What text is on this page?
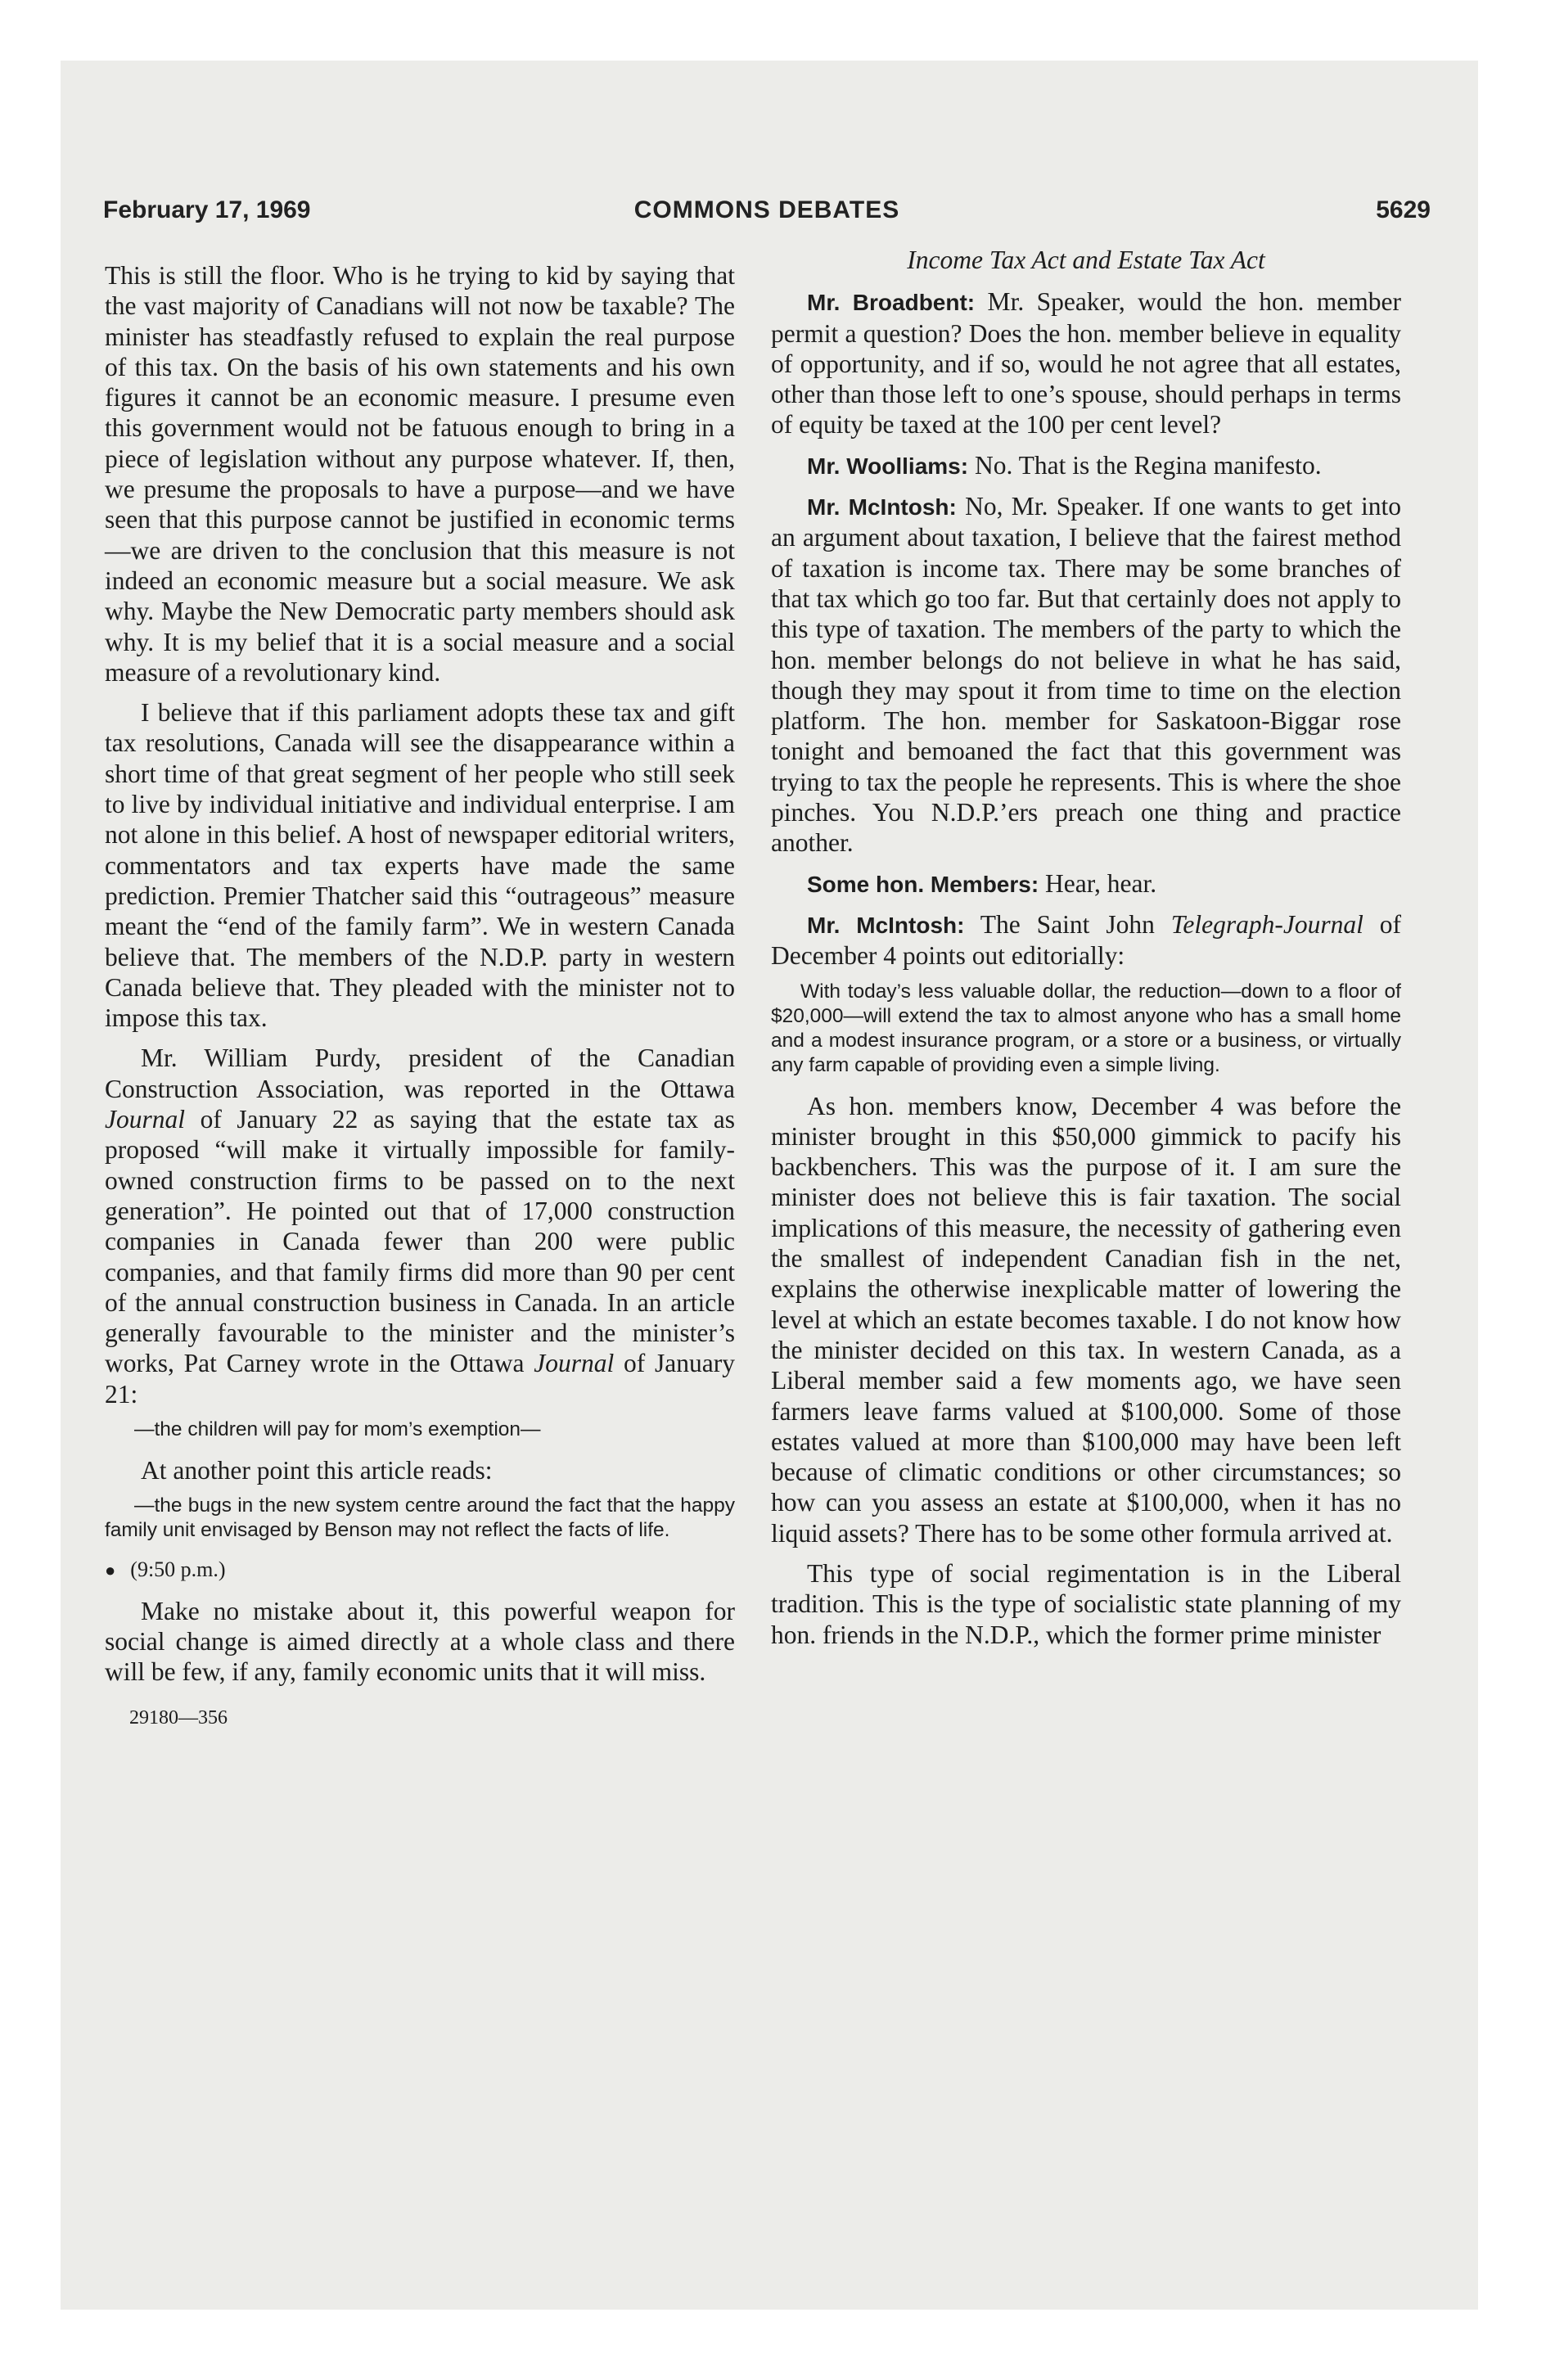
February 17, 1969	COMMONS DEBATES	5629

This is still the floor. Who is he trying to kid by saying that the vast majority of Canadians will not now be taxable? The minister has steadfastly refused to explain the real purpose of this tax. On the basis of his own statements and his own figures it cannot be an economic measure. I presume even this government would not be fatuous enough to bring in a piece of legislation without any purpose whatever. If, then, we presume the proposals to have a purpose—and we have seen that this purpose cannot be justified in economic terms—we are driven to the conclusion that this measure is not indeed an economic measure but a social measure. We ask why. Maybe the New Democratic party members should ask why. It is my belief that it is a social measure and a social measure of a revolutionary kind.

I believe that if this parliament adopts these tax and gift tax resolutions, Canada will see the disappearance within a short time of that great segment of her people who still seek to live by individual initiative and individual enterprise. I am not alone in this belief. A host of newspaper editorial writers, commentators and tax experts have made the same prediction. Premier Thatcher said this “outrageous” measure meant the “end of the family farm”. We in western Canada believe that. The members of the N.D.P. party in western Canada believe that. They pleaded with the minister not to impose this tax.

Mr. William Purdy, president of the Canadian Construction Association, was reported in the Ottawa Journal of January 22 as saying that the estate tax as proposed “will make it virtually impossible for family-owned construction firms to be passed on to the next generation”. He pointed out that of 17,000 construction companies in Canada fewer than 200 were public companies, and that family firms did more than 90 per cent of the annual construction business in Canada. In an article generally favourable to the minister and the minister’s works, Pat Carney wrote in the Ottawa Journal of January 21:

—the children will pay for mom’s exemption—

At another point this article reads:

—the bugs in the new system centre around the fact that the happy family unit envisaged by Benson may not reflect the facts of life.

● (9:50 p.m.)

Make no mistake about it, this powerful weapon for social change is aimed directly at a whole class and there will be few, if any, family economic units that it will miss.

29180—356

Income Tax Act and Estate Tax Act

Mr. Broadbent: Mr. Speaker, would the hon. member permit a question? Does the hon. member believe in equality of opportunity, and if so, would he not agree that all estates, other than those left to one’s spouse, should perhaps in terms of equity be taxed at the 100 per cent level?

Mr. Woolliams: No. That is the Regina manifesto.

Mr. McIntosh: No, Mr. Speaker. If one wants to get into an argument about taxation, I believe that the fairest method of taxation is income tax. There may be some branches of that tax which go too far. But that certainly does not apply to this type of taxation. The members of the party to which the hon. member belongs do not believe in what he has said, though they may spout it from time to time on the election platform. The hon. member for Saskatoon-Biggar rose tonight and bemoaned the fact that this government was trying to tax the people he represents. This is where the shoe pinches. You N.D.P.’ers preach one thing and practice another.

Some hon. Members: Hear, hear.

Mr. McIntosh: The Saint John Telegraph-Journal of December 4 points out editorially:

With today’s less valuable dollar, the reduction—down to a floor of $20,000—will extend the tax to almost anyone who has a small home and a modest insurance program, or a store or a business, or virtually any farm capable of providing even a simple living.

As hon. members know, December 4 was before the minister brought in this $50,000 gimmick to pacify his backbenchers. This was the purpose of it. I am sure the minister does not believe this is fair taxation. The social implications of this measure, the necessity of gathering even the smallest of independent Canadian fish in the net, explains the otherwise inexplicable matter of lowering the level at which an estate becomes taxable. I do not know how the minister decided on this tax. In western Canada, as a Liberal member said a few moments ago, we have seen farmers leave farms valued at $100,000. Some of those estates valued at more than $100,000 may have been left because of climatic conditions or other circumstances; so how can you assess an estate at $100,000, when it has no liquid assets? There has to be some other formula arrived at.

This type of social regimentation is in the Liberal tradition. This is the type of socialistic state planning of my hon. friends in the N.D.P., which the former prime minister
